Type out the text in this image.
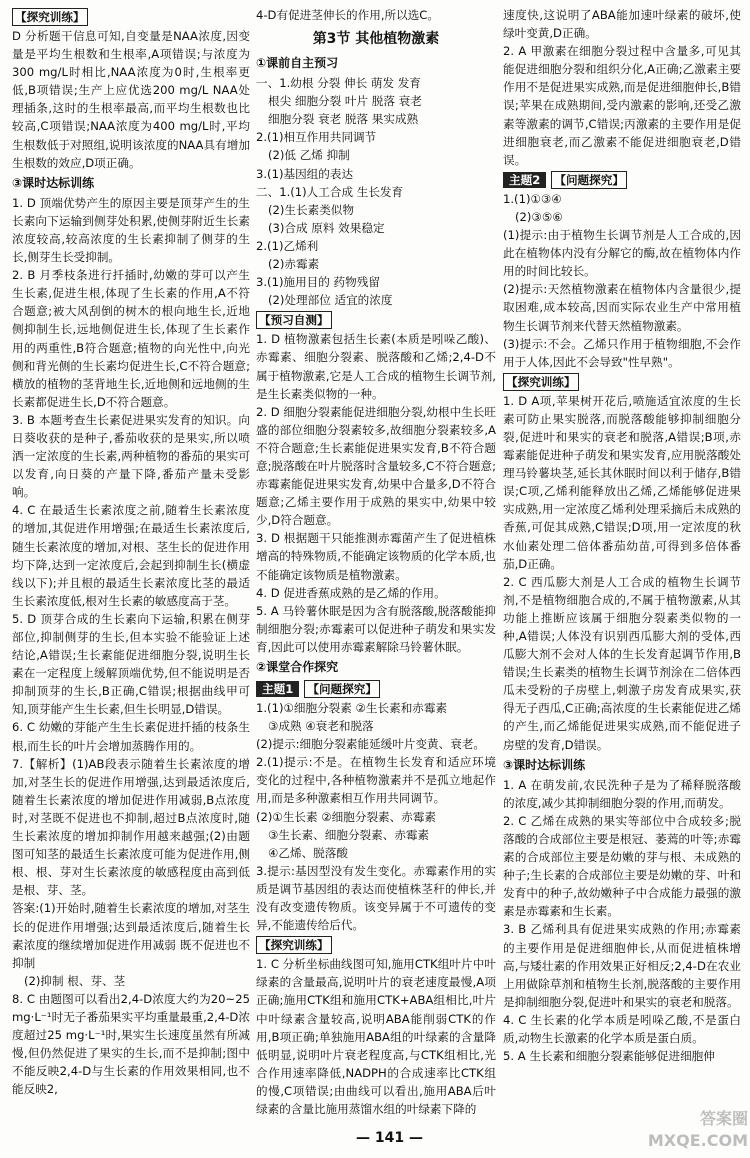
【探究训练】

D 分析题干信息可知,自变量是NAA浓度,因变量是平均生根数和生根率,A项错误;与浓度为300 mg/L时相比,NAA浓度为0时,生根率更低,B项错误;生产上应优选200 mg/L NAA处理插条,这时的生根率最高,而平均生根数也比较高,C项错误;NAA浓度为400 mg/L时,平均生根数低于对照组,说明该浓度的NAA具有增加生根数的效应,D项正确。

③课时达标训练

1. D 顶端优势产生的原因主要是顶芽产生的生长素向下运输到侧芽处积累,使侧芽附近生长素浓度较高,较高浓度的生长素抑制了侧芽的生长,侧芽生长受抑制。

2. B 月季枝条进行扦插时,幼嫩的芽可以产生生长素,促进生根,体现了生长素的作用,A不符合题意;被大风刮倒的树木的根向地生长,近地侧抑制生长,远地侧促进生长,体现了生长素作用的两重性,B符合题意;植物的向光性中,向光侧和背光侧的生长素均促进生长,C不符合题意;横放的植物的茎背地生长,近地侧和远地侧的生长素都促进生长,D不符合题意。

3. B 本题考查生长素促进果实发育的知识。向日葵收获的是种子,番茄收获的是果实,所以喷洒一定浓度的生长素,两种植物的番茄的果实可以发育,向日葵的产量下降,番茄产量未受影响。

4. C 在最适生长素浓度之前,随着生长素浓度的增加,其促进作用增强;在最适生长素浓度后,随生长素浓度的增加,对根、茎生长的促进作用均下降,达到一定浓度后,会起到抑制生长(横虚线以下);并且根的最适生长素浓度比茎的最适生长素浓度低,根对生长素的敏感度高于茎。

5. D 顶芽合成的生长素向下运输,积累在侧芽部位,抑制侧芽的生长,但本实验不能验证上述结论,A错误;生长素能促进细胞分裂,说明生长素在一定程度上缓解顶端优势,但不能说明是否抑制顶芽的生长,B正确,C错误;根据曲线甲可知,顶芽能产生生长素,但生长明显,D错误。

6. C 幼嫩的芽能产生生长素促进扦插的枝条生根,而生长的叶片会增加蒸腾作用的。

7.【解析】(1)AB段表示随着生长素浓度的增加,对茎生长的促进作用增强,达到最适浓度后,随着生长素浓度的增加促进作用减弱,B点浓度时,对茎既不促进也不抑制,超过B点浓度时,随生长素浓度的增加抑制作用越来越强;(2)由题图可知茎的最适生长素浓度可能为促进作用,侧根、根、芽对生长素浓度的敏感程度由高到低是根、芽、茎。

答案:(1)开始时,随着生长素浓度的增加,对茎生长的促进作用增强;达到最适浓度后,随着生长素浓度的继续增加促进作用减弱 既不促进也不抑制

(2)抑制 根、芽、茎

8. C 由题图可以看出2,4-D浓度大约为20~25 mg·L⁻¹时无子番茄果实平均重量最重,2,4-D浓度超过25 mg·L⁻¹时,果实生长速度虽然有所减慢,但仍然促进了果实的生长,而不是抑制;图中不能反映2,4-D与生长素的作用效果相同,也不能反映2,

4-D有促进茎伸长的作用,所以选C。

第3节 其他植物激素
①课前自主预习

一、1.幼根 分裂 伸长 萌发 发育

根尖 细胞分裂 叶片 脱落 衰老

细胞分裂 衰老 脱落 果实成熟

2.(1)相互作用共同调节

(2)低 乙烯 抑制

3.(1)基因组的表达

二、1.(1)人工合成 生长发育

(2)生长素类似物

(3)合成 原料 效果稳定

2.(1)乙烯利

(2)赤霉素

3.(1)施用目的 药物残留

(2)处理部位 适宜的浓度

【预习自测】

1. D 植物激素包括生长素(本质是吲哚乙酸)、赤霉素、细胞分裂素、脱落酸和乙烯;2,4-D不属于植物激素,它是人工合成的植物生长调节剂,是生长素类似物的一种。

2. D 细胞分裂素能促进细胞分裂,幼根中生长旺盛的部位细胞分裂素较多,故细胞分裂素较多,A不符合题意;生长素能促进果实发育,B不符合题意;脱落酸在叶片脱落时含量较多,C不符合题意;赤霉素能促进果实发育,幼果中合量多,D不符合题意;乙烯主要作用于成熟的果实中,幼果中较少,D符合题意。

3. D 根据题干只能推测赤霉菌产生了促进植株增高的特殊物质,不能确定该物质的化学本质,也不能确定该物质是植物激素。

4. D 促进香蕉成熟的是乙烯的作用。

5. A 马铃薯休眠是因为含有脱落酸,脱落酸能抑制细胞分裂;赤霉素可以促进种子萌发和果实发育,因此可以使用赤霉素解除马铃薯休眠。

②课堂合作探究
主题1 【问题探究】

1.(1)①细胞分裂素 ②生长素和赤霉素

③成熟 ④衰老和脱落

(2)提示:细胞分裂素能延缓叶片变黄、衰老。

2.(1)提示:不是。在植物生长发育和适应环境变化的过程中,各种植物激素并不是孤立地起作用,而是多种激素相互作用共同调节。

(2)①生长素 ②细胞分裂素、赤霉素

③生长素、细胞分裂素、赤霉素

④乙烯、脱落酸

3.提示:基因型没有发生变化。赤霉素作用的实质是调节基因组的表达而使植株茎秆的伸长,并没有改变遗传物质。该变异属于不可遗传的变异,不能遗传给后代。

【探究训练】

1. C 分析坐标曲线图可知,施用CTK组叶片中叶绿素的含量最高,说明叶片的衰老速度最慢,A项正确;施用CTK组和施用CTK+ABA组相比,叶片中叶绿素含量较高,说明ABA能削弱CTK的作用,B项正确;单独施用ABA组的叶绿素的含量降低明显,说明叶片衰老程度高,与CTK组相比,光合作用速率降低,NADPH的合成速率比CTK组的慢,C项错误;由曲线可以看出,施用ABA后叶绿素的含量比施用蒸馏水组的叶绿素下降的

速度快,这说明了ABA能加速叶绿素的破坏,使绿叶变黄,D正确。

2. A 甲激素在细胞分裂过程中含量多,可见其能促进细胞分裂和组织分化,A正确;乙激素主要作用不是促进果实成熟,而是促进细胞伸长,B错误;苹果在成熟期间,受内激素的影响,还受乙激素等激素的调节,C错误;丙激素的主要作用是促进细胞衰老,而乙激素不能促进细胞衰老,D错误。

主题2 【问题探究】

1.(1)①③④

(2)③⑤⑥

(1)提示:由于植物生长调节剂是人工合成的,因此在植物体内没有分解它的酶,故在植物体内作用的时间比较长。

(2)提示:天然植物激素在植物体内含量很少,提取困难,成本较高,因而实际农业生产中常用植物生长调节剂来代替天然植物激素。

(3)提示:不会。乙烯只作用于植物细胞,不会作用于人体,因此不会导致"性早熟"。

【探究训练】

1. D A项,苹果树开花后,喷施适宜浓度的生长素可防止果实脱落,而脱落酸能够抑制细胞分裂,促进叶和果实的衰老和脱落,A错误;B项,赤霉素能促进种子萌发和果实发育,应用脱落酸处理马铃薯块茎,延长其休眠时间以利于储存,B错误;C项,乙烯利能释放出乙烯,乙烯能够促进果实成熟,用一定浓度乙烯利处理采摘后未成熟的香蕉,可促其成熟,C错误;D项,用一定浓度的秋水仙素处理二倍体番茄幼苗,可得到多倍体番茄,D正确。

2. C 西瓜膨大剂是人工合成的植物生长调节剂,不是植物细胞合成的,不属于植物激素,从其功能上推断应该属于细胞分裂素类似物的一种,A错误;人体没有识别西瓜膨大剂的受体,西瓜膨大剂不会对人体的生长发育起调节作用,B错误;生长素类的植物生长调节剂涂在二倍体西瓜未受粉的子房壁上,刺激子房发育成果实,获得无子西瓜,C正确;高浓度的生长素能促进乙烯的产生,而乙烯能促进果实成熟,而不能促进子房壁的发育,D错误。

③课时达标训练

1. A 在萌发前,农民洗种子是为了稀释脱落酸的浓度,减少其抑制细胞分裂的作用,而萌发。

2. C 乙烯在成熟的果实等部位中合成较多;脱落酸的合成部位主要是根冠、萎蔫的叶等;赤霉素的合成部位主要是幼嫩的芽与根、未成熟的种子;生长素的合成部位主要是幼嫩的芽、叶和发育中的种子,故幼嫩种子中合成能力最强的激素是赤霉素和生长素。

3. B 乙烯利具有促进果实成熟的作用;赤霉素的主要作用是促进细胞伸长,从而促进植株增高,与矮壮素的作用效果正好相反;2,4-D在农业上用做除草剂和植物生长剂,脱落酸的主要作用是抑制细胞分裂,促进叶和果实的衰老和脱落。

4. C 生长素的化学本质是吲哚乙酸,不是蛋白质,动物生长激素的化学本质是蛋白质。

5. A 生长素和细胞分裂素能够促进细胞伸

— 141 —
答案圈
MXQE.COM
